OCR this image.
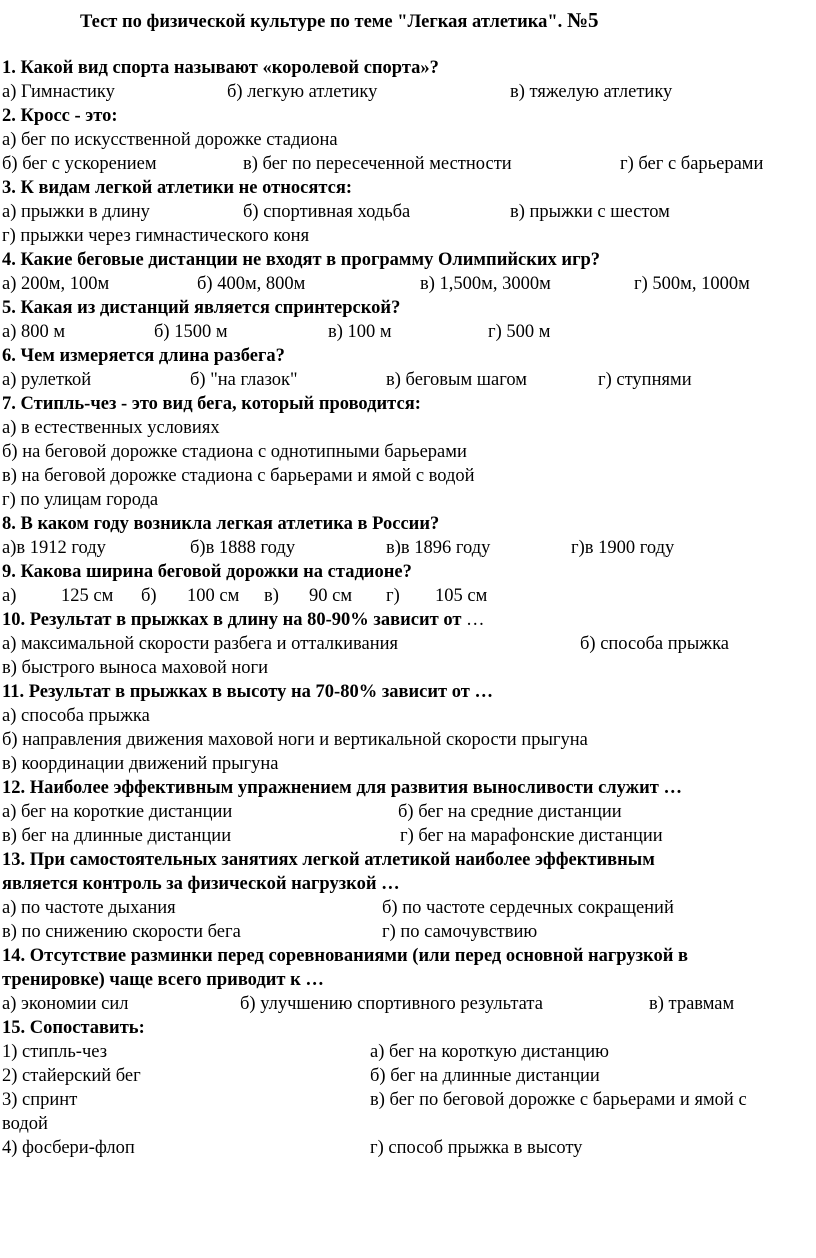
Тест по физической культуре по теме "Легкая атлетика". №5
1. Какой вид спорта называют «королевой спорта»?
а) Гимнастику	б) легкую атлетику	в) тяжелую атлетику
2. Кросс - это:
а) бег по искусственной дорожке стадиона
б) бег с ускорением	в) бег по пересеченной местности	г) бег с барьерами
3. К видам легкой атлетики не относятся:
а) прыжки в длину	б) спортивная ходьба	в) прыжки с шестом
г) прыжки через гимнастического коня
4. Какие беговые дистанции не входят в программу Олимпийских игр?
а) 200м, 100м	б) 400м, 800м	в) 1,500м, 3000м	г) 500м, 1000м
5. Какая из дистанций является спринтерской?
а) 800 м	б) 1500 м	в) 100 м	г) 500 м
6. Чем измеряется длина разбега?
а) рулеткой	б) "на глазок"	в) беговым шагом	г) ступнями
7. Стипль-чез - это вид бега, который проводится:
а) в естественных условиях
б) на беговой дорожке стадиона с однотипными барьерами
в) на беговой дорожке стадиона с барьерами и ямой с водой
г) по улицам города
8. В каком году возникла легкая атлетика в России?
а)в 1912 году	б)в 1888 году	в)в 1896 году	г)в 1900 году
9. Какова ширина беговой дорожки на стадионе?
а) 125 см б) 100 см в) 90 см г) 105 см
10. Результат в прыжках в длину на 80-90% зависит от …
а) максимальной скорости разбега и отталкивания	б) способа прыжка
в) быстрого выноса маховой ноги
11. Результат в прыжках в высоту на 70-80% зависит от …
а) способа прыжка
б) направления движения маховой ноги и вертикальной скорости прыгуна
в) координации движений прыгуна
12. Наиболее эффективным упражнением для развития выносливости служит …
а) бег на короткие дистанции	б) бег на средние дистанции
в) бег на длинные дистанции	г) бег на марафонские дистанции
13. При самостоятельных занятиях легкой атлетикой наиболее эффективным
является контроль за физической нагрузкой …
а) по частоте дыхания	б) по частоте сердечных сокращений
в) по снижению скорости бега	г) по самочувствию
14. Отсутствие разминки перед соревнованиями (или перед основной нагрузкой в
тренировке) чаще всего приводит к …
а) экономии сил	б) улучшению спортивного результата	в) травмам
15. Сопоставить:
1) стипль-чез	а) бег на короткую дистанцию
2) стайерский бег	б) бег на длинные дистанции
3) спринт	в) бег по беговой дорожке с барьерами и ямой с
водой
4) фосбери-флоп	г) способ прыжка в высоту
